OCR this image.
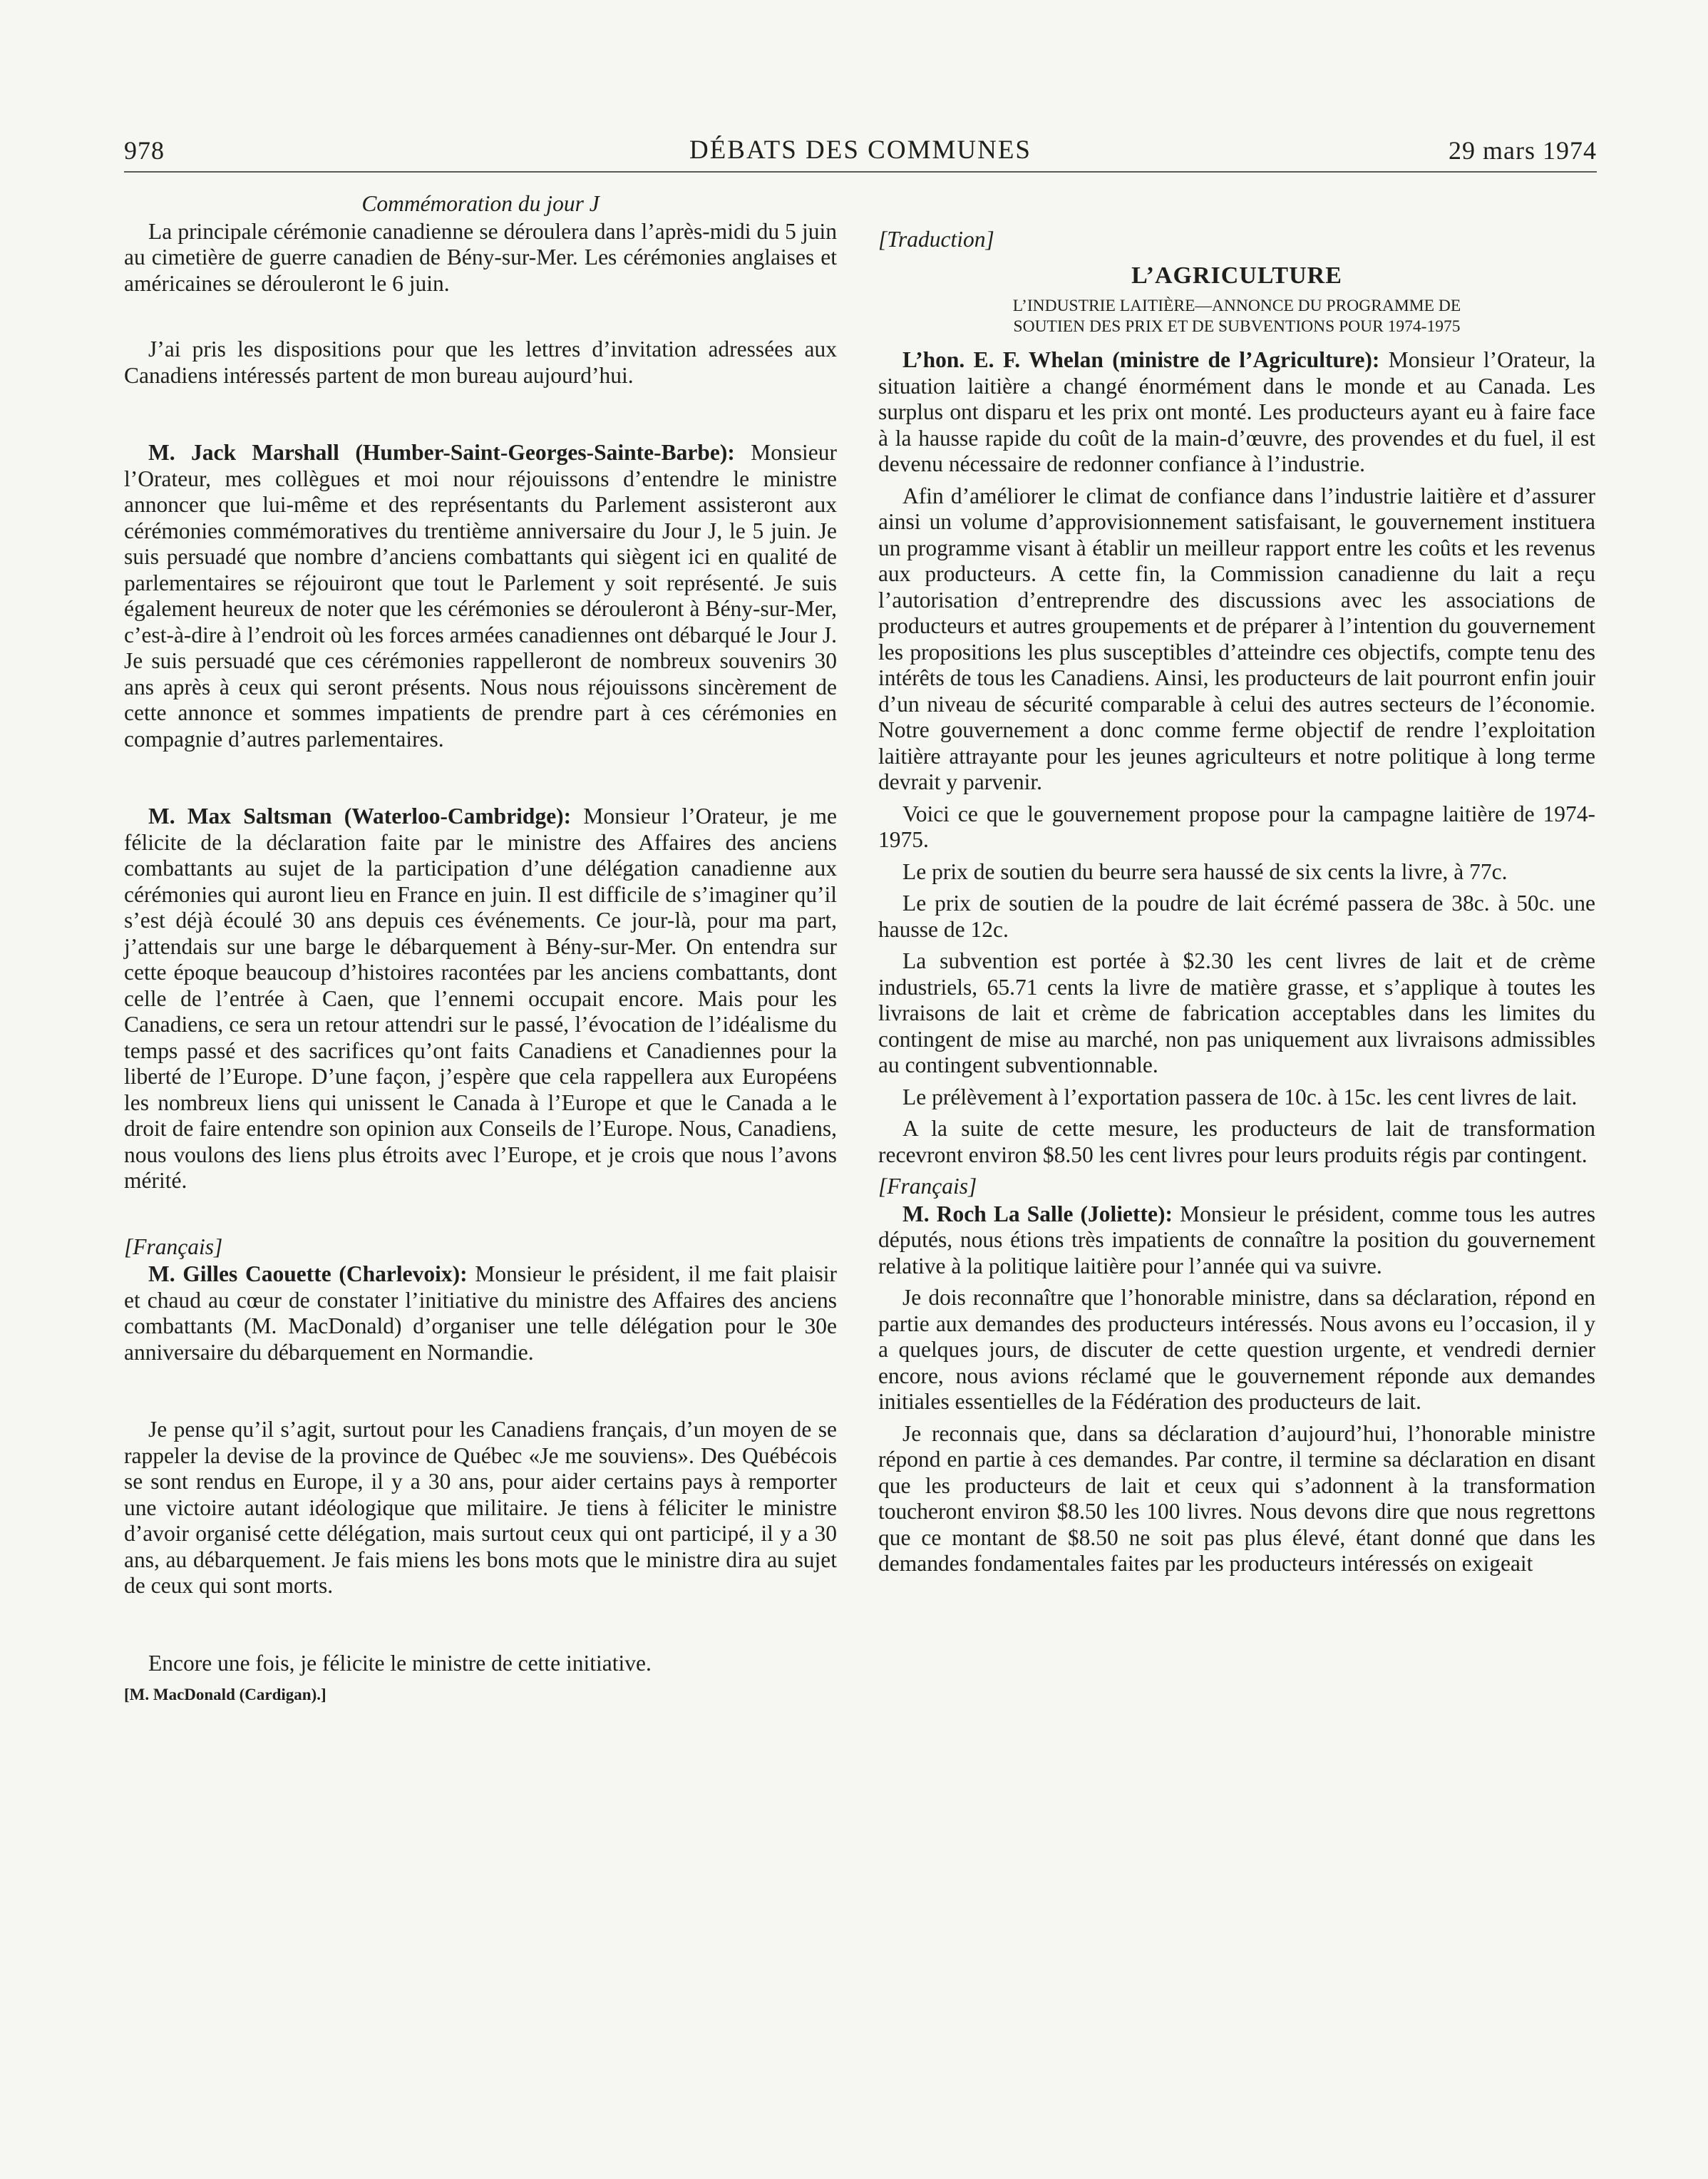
978	DÉBATS DES COMMUNES	29 mars 1974

Commémoration du jour J

La principale cérémonie canadienne se déroulera dans l’après-midi du 5 juin au cimetière de guerre canadien de Bény-sur-Mer. Les cérémonies anglaises et américaines se dérouleront le 6 juin.

J’ai pris les dispositions pour que les lettres d’invitation adressées aux Canadiens intéressés partent de mon bureau aujourd’hui.

M. Jack Marshall (Humber-Saint-Georges-Sainte-Barbe): Monsieur l’Orateur, mes collègues et moi nour réjouissons d’entendre le ministre annoncer que lui-même et des représentants du Parlement assisteront aux cérémonies commémoratives du trentième anniversaire du Jour J, le 5 juin. Je suis persuadé que nombre d’anciens combattants qui siègent ici en qualité de parlementaires se réjouiront que tout le Parlement y soit représenté. Je suis également heureux de noter que les cérémonies se dérouleront à Bény-sur-Mer, c’est-à-dire à l’endroit où les forces armées canadiennes ont débarqué le Jour J. Je suis persuadé que ces cérémonies rappelleront de nombreux souvenirs 30 ans après à ceux qui seront présents. Nous nous réjouissons sincèrement de cette annonce et sommes impatients de prendre part à ces cérémonies en compagnie d’autres parlementaires.

M. Max Saltsman (Waterloo-Cambridge): Monsieur l’Orateur, je me félicite de la déclaration faite par le ministre des Affaires des anciens combattants au sujet de la participation d’une délégation canadienne aux cérémonies qui auront lieu en France en juin. Il est difficile de s’imaginer qu’il s’est déjà écoulé 30 ans depuis ces événements. Ce jour-là, pour ma part, j’attendais sur une barge le débarquement à Bény-sur-Mer. On entendra sur cette époque beaucoup d’histoires racontées par les anciens combattants, dont celle de l’entrée à Caen, que l’ennemi occupait encore. Mais pour les Canadiens, ce sera un retour attendri sur le passé, l’évocation de l’idéalisme du temps passé et des sacrifices qu’ont faits Canadiens et Canadiennes pour la liberté de l’Europe. D’une façon, j’espère que cela rappellera aux Européens les nombreux liens qui unissent le Canada à l’Europe et que le Canada a le droit de faire entendre son opinion aux Conseils de l’Europe. Nous, Canadiens, nous voulons des liens plus étroits avec l’Europe, et je crois que nous l’avons mérité.

[Français]

M. Gilles Caouette (Charlevoix): Monsieur le président, il me fait plaisir et chaud au cœur de constater l’initiative du ministre des Affaires des anciens combattants (M. MacDonald) d’organiser une telle délégation pour le 30e anniversaire du débarquement en Normandie.

Je pense qu’il s’agit, surtout pour les Canadiens français, d’un moyen de se rappeler la devise de la province de Québec «Je me souviens». Des Québécois se sont rendus en Europe, il y a 30 ans, pour aider certains pays à remporter une victoire autant idéologique que militaire. Je tiens à féliciter le ministre d’avoir organisé cette délégation, mais surtout ceux qui ont participé, il y a 30 ans, au débarquement. Je fais miens les bons mots que le ministre dira au sujet de ceux qui sont morts.

Encore une fois, je félicite le ministre de cette initiative.

[M. MacDonald (Cardigan).]

[Traduction]

L’AGRICULTURE

L’INDUSTRIE LAITIÈRE—ANNONCE DU PROGRAMME DE
SOUTIEN DES PRIX ET DE SUBVENTIONS POUR 1974-1975

L’hon. E. F. Whelan (ministre de l’Agriculture): Monsieur l’Orateur, la situation laitière a changé énormément dans le monde et au Canada. Les surplus ont disparu et les prix ont monté. Les producteurs ayant eu à faire face à la hausse rapide du coût de la main-d’œuvre, des provendes et du fuel, il est devenu nécessaire de redonner confiance à l’industrie.

Afin d’améliorer le climat de confiance dans l’industrie laitière et d’assurer ainsi un volume d’approvisionnement satisfaisant, le gouvernement instituera un programme visant à établir un meilleur rapport entre les coûts et les revenus aux producteurs. A cette fin, la Commission canadienne du lait a reçu l’autorisation d’entreprendre des discussions avec les associations de producteurs et autres groupements et de préparer à l’intention du gouvernement les propositions les plus susceptibles d’atteindre ces objectifs, compte tenu des intérêts de tous les Canadiens. Ainsi, les producteurs de lait pourront enfin jouir d’un niveau de sécurité comparable à celui des autres secteurs de l’économie. Notre gouvernement a donc comme ferme objectif de rendre l’exploitation laitière attrayante pour les jeunes agriculteurs et notre politique à long terme devrait y parvenir.

Voici ce que le gouvernement propose pour la campagne laitière de 1974-1975.

Le prix de soutien du beurre sera haussé de six cents la livre, à 77c.

Le prix de soutien de la poudre de lait écrémé passera de 38c. à 50c. une hausse de 12c.

La subvention est portée à $2.30 les cent livres de lait et de crème industriels, 65.71 cents la livre de matière grasse, et s’applique à toutes les livraisons de lait et crème de fabrication acceptables dans les limites du contingent de mise au marché, non pas uniquement aux livraisons admissibles au contingent subventionnable.

Le prélèvement à l’exportation passera de 10c. à 15c. les cent livres de lait.

A la suite de cette mesure, les producteurs de lait de transformation recevront environ $8.50 les cent livres pour leurs produits régis par contingent.

[Français]

M. Roch La Salle (Joliette): Monsieur le président, comme tous les autres députés, nous étions très impatients de connaître la position du gouvernement relative à la politique laitière pour l’année qui va suivre.

Je dois reconnaître que l’honorable ministre, dans sa déclaration, répond en partie aux demandes des producteurs intéressés. Nous avons eu l’occasion, il y a quelques jours, de discuter de cette question urgente, et vendredi dernier encore, nous avions réclamé que le gouvernement réponde aux demandes initiales essentielles de la Fédération des producteurs de lait.

Je reconnais que, dans sa déclaration d’aujourd’hui, l’honorable ministre répond en partie à ces demandes. Par contre, il termine sa déclaration en disant que les producteurs de lait et ceux qui s’adonnent à la transformation toucheront environ $8.50 les 100 livres. Nous devons dire que nous regrettons que ce montant de $8.50 ne soit pas plus élevé, étant donné que dans les demandes fondamentales faites par les producteurs intéressés on exigeait
